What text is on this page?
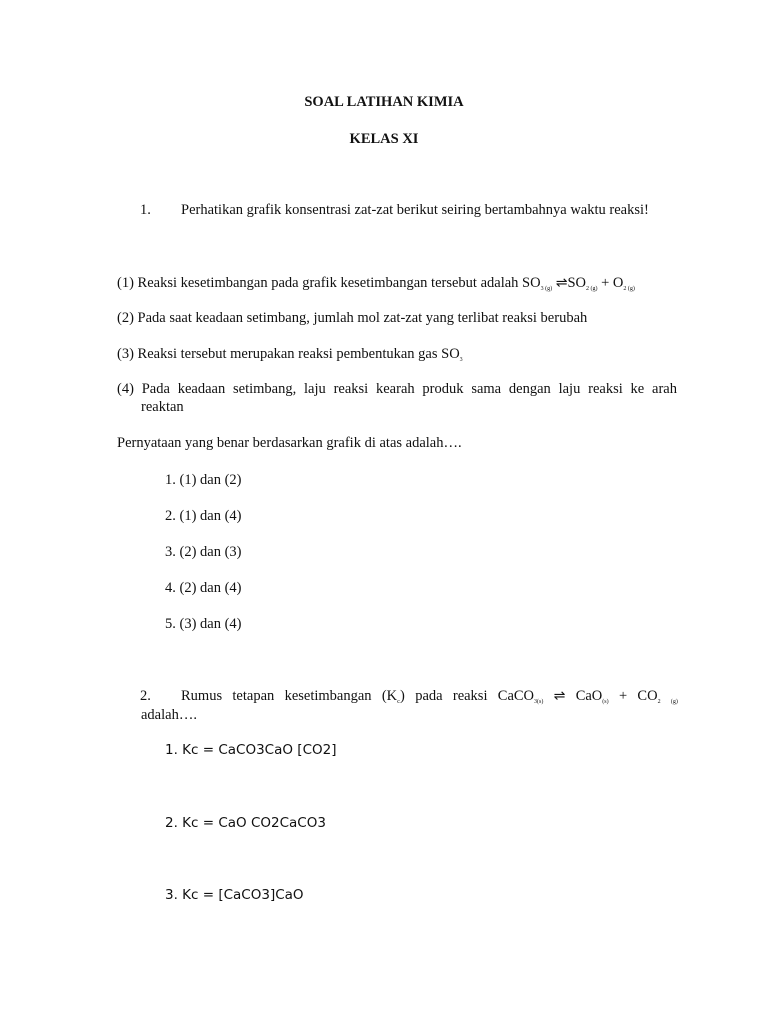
SOAL LATIHAN KIMIA
KELAS XI
1. Perhatikan grafik konsentrasi zat-zat berikut seiring bertambahnya waktu reaksi!
(1) Reaksi kesetimbangan pada grafik kesetimbangan tersebut adalah $SO_{3 (g)}$ $\rightleftharpoons SO_{2 (g)} + O_{2 (g)}$
(2) Pada saat keadaan setimbang, jumlah mol zat-zat yang terlibat reaksi berubah
(3) Reaksi tersebut merupakan reaksi pembentukan gas $SO_3$
(4) Pada keadaan setimbang, laju reaksi kearah produk sama dengan laju reaksi ke arah
reaktan
Pernyataan yang benar berdasarkan grafik di atas adalah….
1. (1) dan (2)
2. (1) dan (4)
3. (2) dan (3)
4. (2) dan (4)
5. (3) dan (4)
2. Rumus tetapan kesetimbangan $(K_c)$ pada reaksi CaCO$_{3(s)}$ ⇌ $CaO_{(s)} + CO_2$ (g)
adalah….
1. Kc = CaCO3CaO [CO2]
2. Kc = CaO CO2CaCO3
3. Kc = [CaCO3]CaO
